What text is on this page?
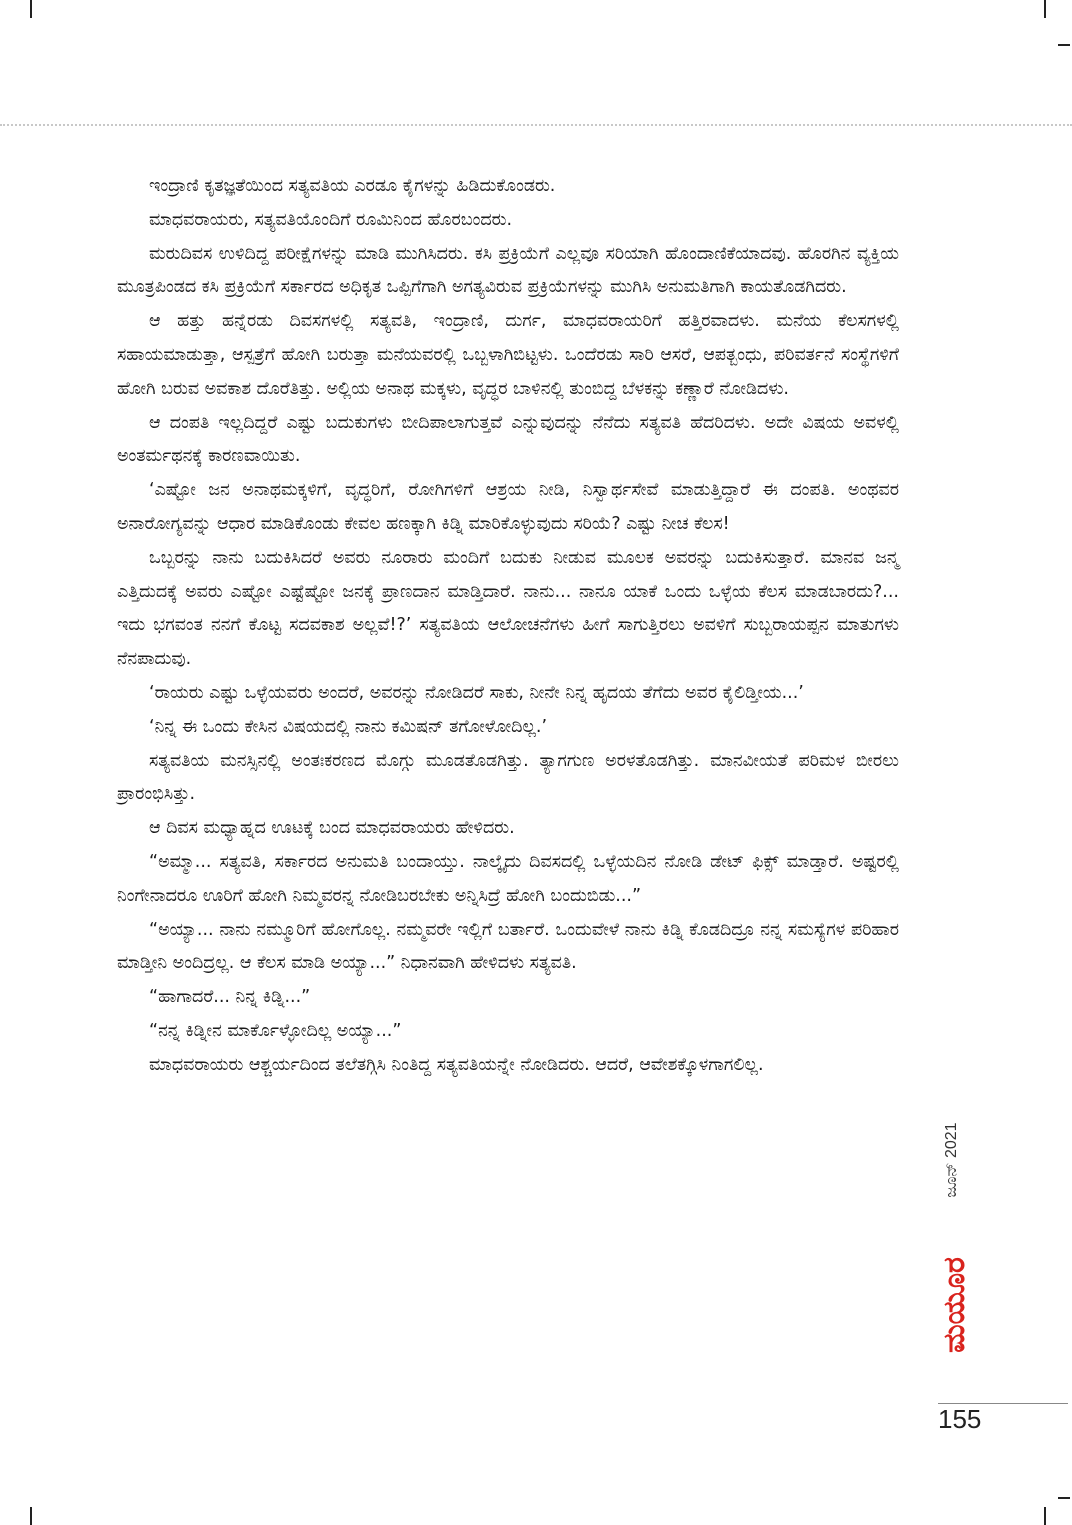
ಇಂದ್ರಾಣಿ ಕೃತಜ್ಞತೆಯಿಂದ ಸತ್ಯವತಿಯ ಎರಡೂ ಕೈಗಳನ್ನು ಹಿಡಿದುಕೊಂಡರು.

ಮಾಧವರಾಯರು, ಸತ್ಯವತಿಯೊಂದಿಗೆ ರೂಮಿನಿಂದ ಹೊರಬಂದರು.

ಮರುದಿವಸ ಉಳಿದಿದ್ದ ಪರೀಕ್ಷೆಗಳನ್ನು ಮಾಡಿ ಮುಗಿಸಿದರು. ಕಸಿ ಪ್ರಕ್ರಿಯೆಗೆ ಎಲ್ಲವೂ ಸರಿಯಾಗಿ ಹೊಂದಾಣಿಕೆಯಾದವು. ಹೊರಗಿನ ವ್ಯಕ್ತಿಯ ಮೂತ್ರಪಿಂಡದ ಕಸಿ ಪ್ರಕ್ರಿಯೆಗೆ ಸರ್ಕಾರದ ಅಧಿಕೃತ ಒಪ್ಪಿಗೆಗಾಗಿ ಅಗತ್ಯವಿರುವ ಪ್ರಕ್ರಿಯೆಗಳನ್ನು ಮುಗಿಸಿ ಅನುಮತಿಗಾಗಿ ಕಾಯತೊಡಗಿದರು.

ಆ ಹತ್ತು ಹನ್ನೆರಡು ದಿವಸಗಳಲ್ಲಿ ಸತ್ಯವತಿ, ಇಂದ್ರಾಣಿ, ದುರ್ಗ, ಮಾಧವರಾಯರಿಗೆ ಹತ್ತಿರವಾದಳು. ಮನೆಯ ಕೆಲಸಗಳಲ್ಲಿ ಸಹಾಯಮಾಡುತ್ತಾ, ಆಸ್ಪತ್ರೆಗೆ ಹೋಗಿ ಬರುತ್ತಾ ಮನೆಯವರಲ್ಲಿ ಒಬ್ಬಳಾಗಿಬಿಟ್ಟಳು. ಒಂದೆರಡು ಸಾರಿ ಆಸರೆ, ಆಪತ್ಬಂಧು, ಪರಿವರ್ತನೆ ಸಂಸ್ಥೆಗಳಿಗೆ ಹೋಗಿ ಬರುವ ಅವಕಾಶ ದೊರೆತಿತ್ತು. ಅಲ್ಲಿಯ ಅನಾಥ ಮಕ್ಕಳು, ವೃದ್ಧರ ಬಾಳಿನಲ್ಲಿ ತುಂಬಿದ್ದ ಬೆಳಕನ್ನು ಕಣ್ಣಾರೆ ನೋಡಿದಳು.

ಆ ದಂಪತಿ ಇಲ್ಲದಿದ್ದರೆ ಎಷ್ಟು ಬದುಕುಗಳು ಬೀದಿಪಾಲಾಗುತ್ತವೆ ಎನ್ನುವುದನ್ನು ನೆನೆದು ಸತ್ಯವತಿ ಹೆದರಿದಳು. ಅದೇ ವಿಷಯ ಅವಳಲ್ಲಿ ಅಂತರ್ಮಥನಕ್ಕೆ ಕಾರಣವಾಯಿತು.

‘ಎಷ್ಟೋ ಜನ ಅನಾಥಮಕ್ಕಳಿಗೆ, ವೃದ್ಧರಿಗೆ, ರೋಗಿಗಳಿಗೆ ಆಶ್ರಯ ನೀಡಿ, ನಿಸ್ವಾರ್ಥಸೇವೆ ಮಾಡುತ್ತಿದ್ದಾರೆ ಈ ದಂಪತಿ. ಅಂಥವರ ಅನಾರೋಗ್ಯವನ್ನು ಆಧಾರ ಮಾಡಿಕೊಂಡು ಕೇವಲ ಹಣಕ್ಕಾಗಿ ಕಿಡ್ನಿ ಮಾರಿಕೊಳ್ಳುವುದು ಸರಿಯೆ? ಎಷ್ಟು ನೀಚ ಕೆಲಸ!

ಒಬ್ಬರನ್ನು ನಾನು ಬದುಕಿಸಿದರೆ ಅವರು ನೂರಾರು ಮಂದಿಗೆ ಬದುಕು ನೀಡುವ ಮೂಲಕ ಅವರನ್ನು ಬದುಕಿಸುತ್ತಾರೆ. ಮಾನವ ಜನ್ಮ ಎತ್ತಿದುದಕ್ಕೆ ಅವರು ಎಷ್ಟೋ ಎಷ್ಟೆಷ್ಟೋ ಜನಕ್ಕೆ ಪ್ರಾಣದಾನ ಮಾಡ್ತಿದಾರೆ. ನಾನು... ನಾನೂ ಯಾಕೆ ಒಂದು ಒಳ್ಳೆಯ ಕೆಲಸ ಮಾಡಬಾರದು?... ಇದು ಭಗವಂತ ನನಗೆ ಕೊಟ್ಟ ಸದವಕಾಶ ಅಲ್ಲವೆ!?’ ಸತ್ಯವತಿಯ ಆಲೋಚನೆಗಳು ಹೀಗೆ ಸಾಗುತ್ತಿರಲು ಅವಳಿಗೆ ಸುಬ್ಬರಾಯಪ್ಪನ ಮಾತುಗಳು ನೆನಪಾದುವು.

‘ರಾಯರು ಎಷ್ಟು ಒಳ್ಳೆಯವರು ಅಂದರೆ, ಅವರನ್ನು ನೋಡಿದರೆ ಸಾಕು, ನೀನೇ ನಿನ್ನ ಹೃದಯ ತೆಗೆದು ಅವರ ಕೈಲಿಡ್ತೀಯ...’

‘ನಿನ್ನ ಈ ಒಂದು ಕೇಸಿನ ವಿಷಯದಲ್ಲಿ ನಾನು ಕಮಿಷನ್ ತಗೋಳೋದಿಲ್ಲ.’

ಸತ್ಯವತಿಯ ಮನಸ್ಸಿನಲ್ಲಿ ಅಂತಃಕರಣದ ಮೊಗ್ಗು ಮೂಡತೊಡಗಿತ್ತು. ತ್ಯಾಗಗುಣ ಅರಳತೊಡಗಿತ್ತು. ಮಾನವೀಯತೆ ಪರಿಮಳ ಬೀರಲು ಪ್ರಾರಂಭಿಸಿತ್ತು.

ಆ ದಿವಸ ಮಧ್ಯಾಹ್ನದ ಊಟಕ್ಕೆ ಬಂದ ಮಾಧವರಾಯರು ಹೇಳಿದರು.

“ಅಮ್ಮಾ... ಸತ್ಯವತಿ, ಸರ್ಕಾರದ ಅನುಮತಿ ಬಂದಾಯ್ತು. ನಾಲ್ಕೈದು ದಿವಸದಲ್ಲಿ ಒಳ್ಳೆಯದಿನ ನೋಡಿ ಡೇಟ್ ಫಿಕ್ಸ್ ಮಾಡ್ತಾರೆ. ಅಷ್ಟರಲ್ಲಿ ನಿಂಗೇನಾದರೂ ಊರಿಗೆ ಹೋಗಿ ನಿಮ್ಮವರನ್ನ ನೋಡಿಬರಬೇಕು ಅನ್ನಿಸಿದ್ರೆ ಹೋಗಿ ಬಂದುಬಿಡು...”

“ಅಯ್ಯಾ... ನಾನು ನಮ್ಮೂರಿಗೆ ಹೋಗೊಲ್ಲ. ನಮ್ಮವರೇ ಇಲ್ಲಿಗೆ ಬರ್ತಾರೆ. ಒಂದುವೇಳೆ ನಾನು ಕಿಡ್ನಿ ಕೊಡದಿದ್ರೂ ನನ್ನ ಸಮಸ್ಯೆಗಳ ಪರಿಹಾರ ಮಾಡ್ತೀನಿ ಅಂದಿದ್ರಲ್ಲ. ಆ ಕೆಲಸ ಮಾಡಿ ಅಯ್ಯಾ...” ನಿಧಾನವಾಗಿ ಹೇಳಿದಳು ಸತ್ಯವತಿ.

“ಹಾಗಾದರೆ... ನಿನ್ನ ಕಿಡ್ನಿ...”

“ನನ್ನ ಕಿಡ್ನೀನ ಮಾರ್ಕೊಳ್ಳೋದಿಲ್ಲ ಅಯ್ಯಾ...”

ಮಾಧವರಾಯರು ಆಶ್ಚರ್ಯದಿಂದ ತಲೆತಗ್ಗಿಸಿ ನಿಂತಿದ್ದ ಸತ್ಯವತಿಯನ್ನೇ ನೋಡಿದರು. ಆದರೆ, ಆವೇಶಕ್ಕೊಳಗಾಗಲಿಲ್ಲ.

ಜೂನ್ 2021
ಮಯೂರ
155
